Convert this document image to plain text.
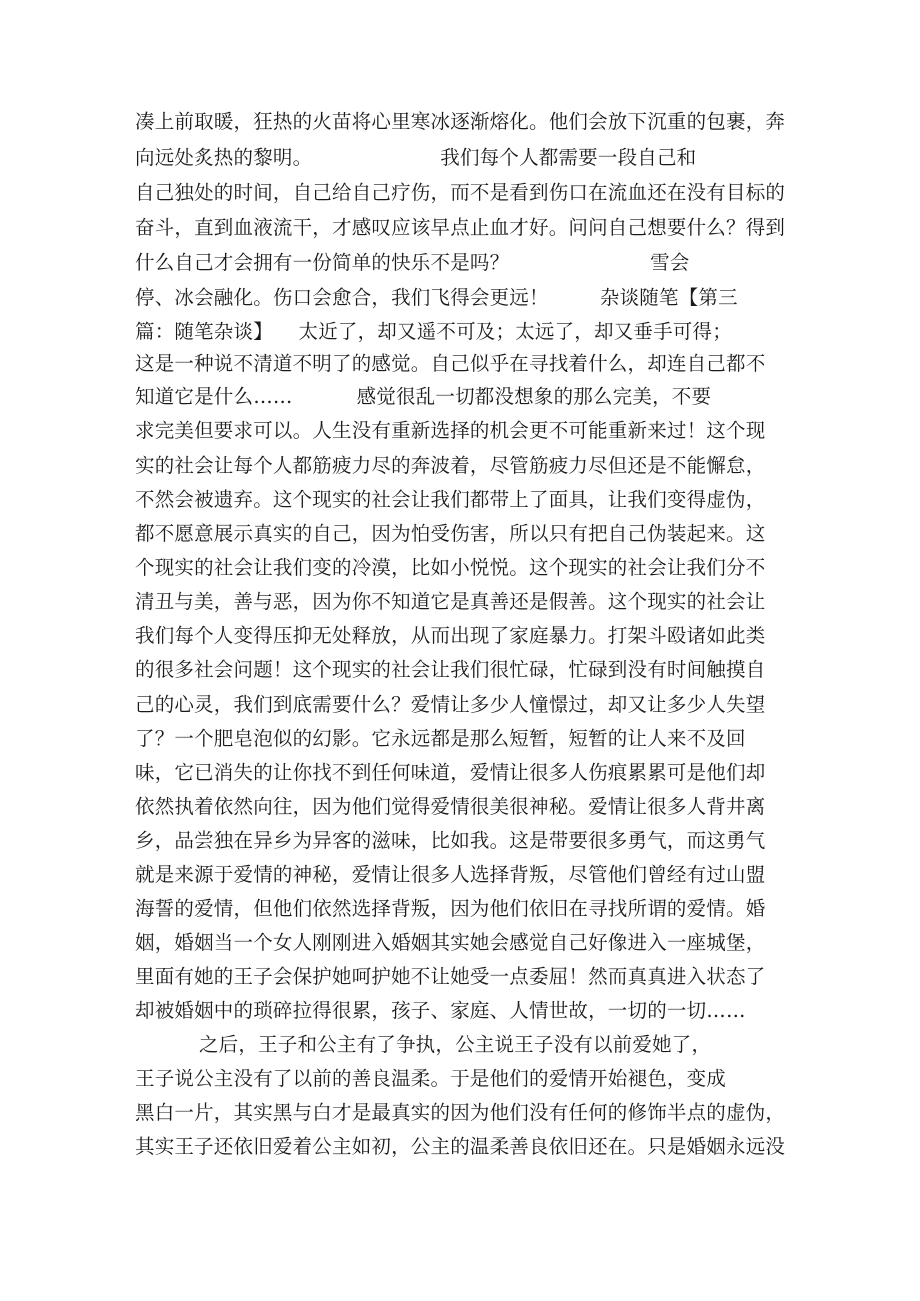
凑上前取暖，狂热的火苗将心里寒冰逐渐熔化。他们会放下沉重的包裹，奔
向远处炙热的黎明。                    我们每个人都需要一段自己和
自己独处的时间，自己给自己疗伤，而不是看到伤口在流血还在没有目标的
奋斗，直到血液流干，才感叹应该早点止血才好。问问自己想要什么？得到
什么自己才会拥有一份简单的快乐不是吗？                      雪会
停、冰会融化。伤口会愈合，我们飞得会更远！        杂谈随笔【第三
篇：随笔杂谈】    太近了，却又遥不可及；太远了，却又垂手可得；
这是一种说不清道不明了的感觉。自己似乎在寻找着什么，却连自己都不
知道它是什么……          感觉很乱一切都没想象的那么完美，不要
求完美但要求可以。人生没有重新选择的机会更不可能重新来过！这个现
实的社会让每个人都筋疲力尽的奔波着，尽管筋疲力尽但还是不能懈怠，
不然会被遗弃。这个现实的社会让我们都带上了面具，让我们变得虚伪，
都不愿意展示真实的自己，因为怕受伤害，所以只有把自己伪装起来。这
个现实的社会让我们变的冷漠，比如小悦悦。这个现实的社会让我们分不
清丑与美，善与恶，因为你不知道它是真善还是假善。这个现实的社会让
我们每个人变得压抑无处释放，从而出现了家庭暴力。打架斗殴诸如此类
的很多社会问题！这个现实的社会让我们很忙碌，忙碌到没有时间触摸自
己的心灵，我们到底需要什么？爱情让多少人憧憬过，却又让多少人失望
了？一个肥皂泡似的幻影。它永远都是那么短暂，短暂的让人来不及回
味，它已消失的让你找不到任何味道，爱情让很多人伤痕累累可是他们却
依然执着依然向往，因为他们觉得爱情很美很神秘。爱情让很多人背井离
乡，品尝独在异乡为异客的滋味，比如我。这是带要很多勇气，而这勇气
就是来源于爱情的神秘，爱情让很多人选择背叛，尽管他们曾经有过山盟
海誓的爱情，但他们依然选择背叛，因为他们依旧在寻找所谓的爱情。婚
姻，婚姻当一个女人刚刚进入婚姻其实她会感觉自己好像进入一座城堡，
里面有她的王子会保护她呵护她不让她受一点委屈！然而真真进入状态了
却被婚姻中的琐碎拉得很累，孩子、家庭、人情世故，一切的一切……
之后，王子和公主有了争执，公主说王子没有以前爱她了，
王子说公主没有了以前的善良温柔。于是他们的爱情开始褪色，变成
黑白一片，其实黑与白才是最真实的因为他们没有任何的修饰半点的虚伪，
其实王子还依旧爱着公主如初，公主的温柔善良依旧还在。只是婚姻永远没
